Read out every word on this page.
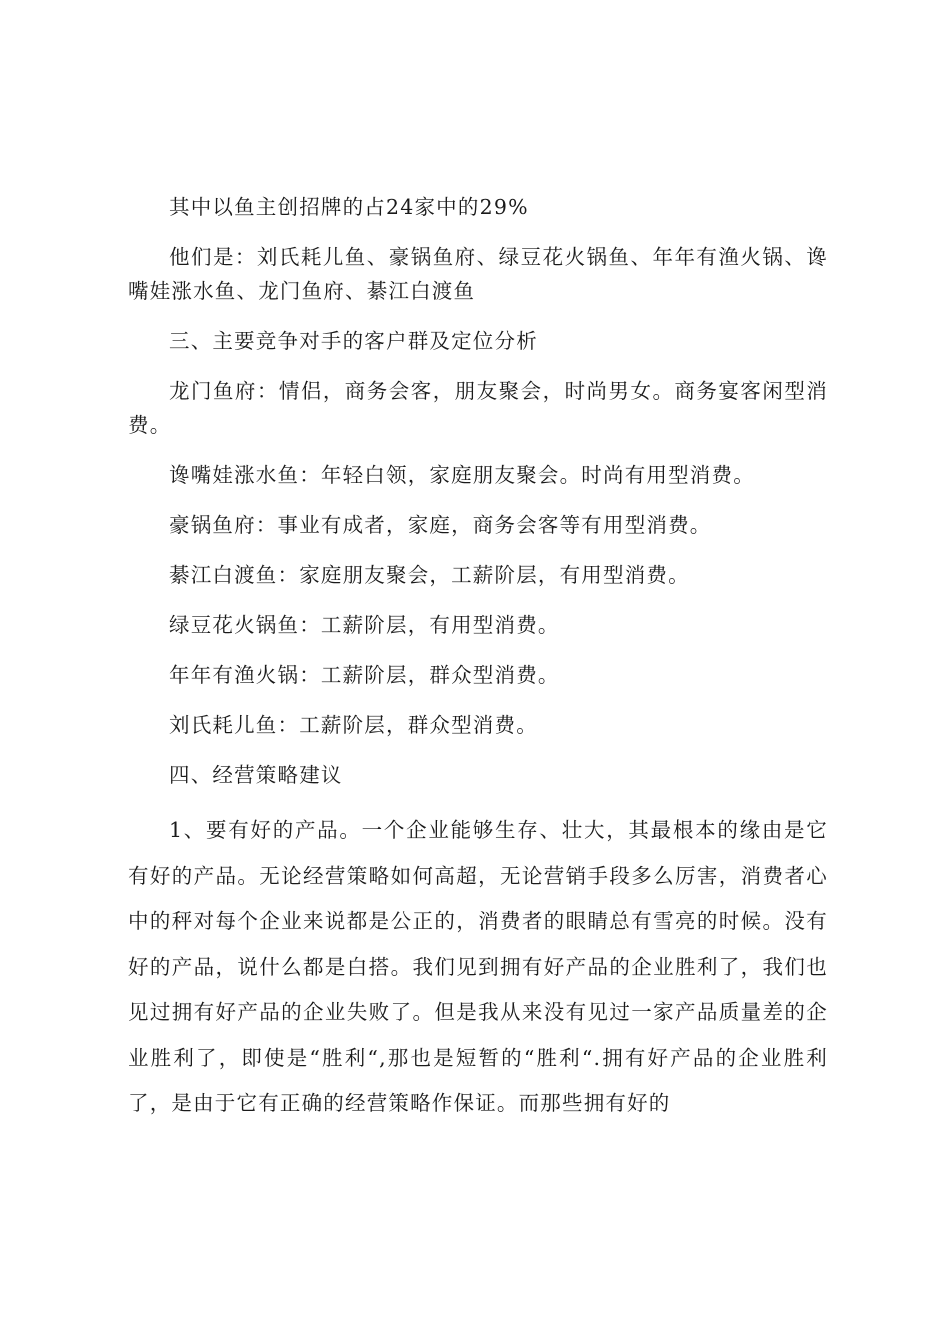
其中以鱼主创招牌的占24家中的29%

他们是：刘氏耗儿鱼、豪锅鱼府、绿豆花火锅鱼、年年有渔火锅、谗嘴娃涨水鱼、龙门鱼府、綦江白渡鱼

三、主要竞争对手的客户群及定位分析

龙门鱼府：情侣，商务会客，朋友聚会，时尚男女。商务宴客闲型消费。

谗嘴娃涨水鱼：年轻白领，家庭朋友聚会。时尚有用型消费。

豪锅鱼府：事业有成者，家庭，商务会客等有用型消费。

綦江白渡鱼：家庭朋友聚会，工薪阶层，有用型消费。

绿豆花火锅鱼：工薪阶层，有用型消费。

年年有渔火锅：工薪阶层，群众型消费。

刘氏耗儿鱼：工薪阶层，群众型消费。

四、经营策略建议

1、要有好的产品。一个企业能够生存、壮大，其最根本的缘由是它有好的产品。无论经营策略如何高超，无论营销手段多么厉害，消费者心中的秤对每个企业来说都是公正的，消费者的眼睛总有雪亮的时候。没有好的产品，说什么都是白搭。我们见到拥有好产品的企业胜利了，我们也见过拥有好产品的企业失败了。但是我从来没有见过一家产品质量差的企业胜利了，即使是“胜利“,那也是短暂的“胜利“.拥有好产品的企业胜利了，是由于它有正确的经营策略作保证。而那些拥有好的
